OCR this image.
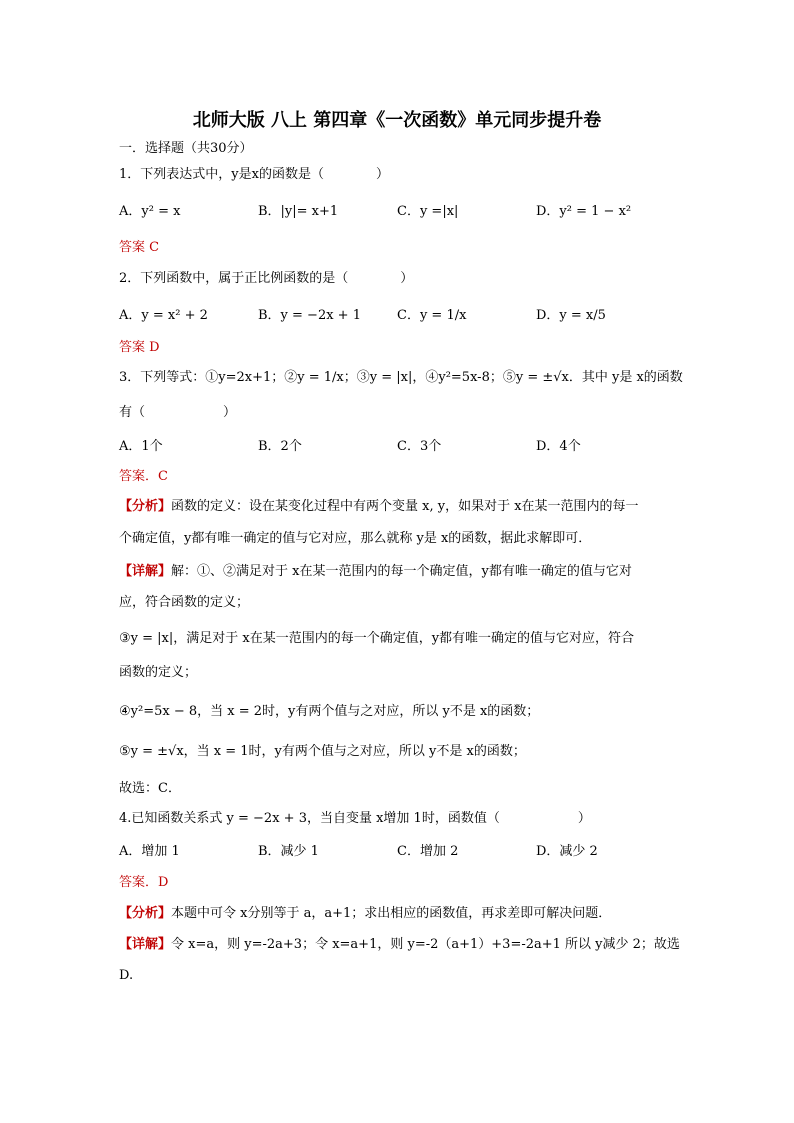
北师大版 八上 第四章《一次函数》单元同步提升卷
一．选择题（共30分）
1．下列表达式中，y是x的函数是（　　　　）
A．y² = x	B．|y|= x+1	C．y =|x|	D．y² = 1 − x²
答案 C
2．下列函数中，属于正比例函数的是（　　　　）
A．y = x² + 2	B．y = −2x + 1	C．y = 1/x	D．y = x/5
答案 D
3．下列等式：①y=2x+1；②y = 1/x；③y = |x|，④y²=5x-8；⑤y = ±√x．其中 y是 x的函数
有（　　　　　　）
A．1个	B．2个	C．3个	D．4个
答案．C
【分析】函数的定义：设在某变化过程中有两个变量 x, y，如果对于 x在某一范围内的每一
个确定值，y都有唯一确定的值与它对应，那么就称 y是 x的函数，据此求解即可．
【详解】解：①、②满足对于 x在某一范围内的每一个确定值，y都有唯一确定的值与它对
应，符合函数的定义；
③y = |x|，满足对于 x在某一范围内的每一个确定值，y都有唯一确定的值与它对应，符合
函数的定义；
④y²=5x − 8，当 x = 2时，y有两个值与之对应，所以 y不是 x的函数；
⑤y = ±√x，当 x = 1时，y有两个值与之对应，所以 y不是 x的函数；
故选：C．
4.已知函数关系式 y = −2x + 3，当自变量 x增加 1时，函数值（　　　　　　）
A．增加 1	B．减少 1	C．增加 2	D．减少 2
答案．D
【分析】本题中可令 x分别等于 a，a+1；求出相应的函数值，再求差即可解决问题．
【详解】令 x=a，则 y=-2a+3；令 x=a+1，则 y=-2（a+1）+3=-2a+1 所以 y减少 2；故选
D.
